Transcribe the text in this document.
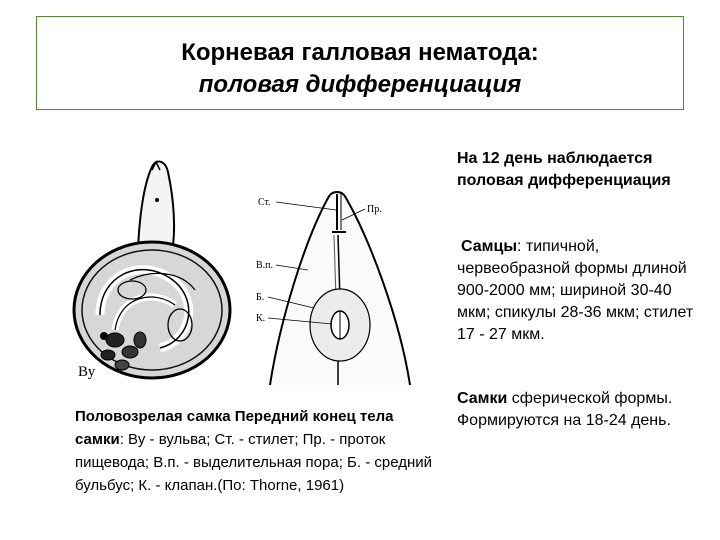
Корневая галловая нематода:
половая дифференциация
Ву
Ст.
Пр.
В.п.
Б.
К.
Половозрелая самка Передний конец тела самки: Ву - вульва; Ст. - стилет; Пр. - проток пищевода; В.п. - выделительная пора; Б. - средний бульбус; К. - клапан.(По: Thorne, 1961)
На 12 день наблюдается половая дифференциация
Самцы: типичной, червеобразной формы длиной 900-2000 мм; шириной 30-40 мкм; спикулы 28-36 мкм; стилет 17 - 27 мкм.
Самки сферической формы. Формируются на 18-24 день.
